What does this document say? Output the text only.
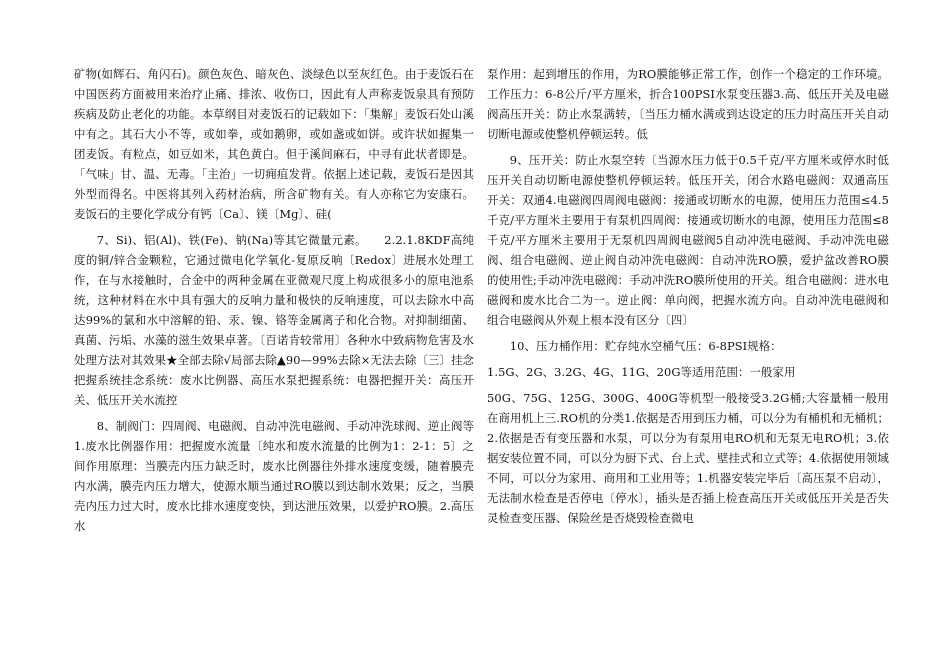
矿物(如辉石、角闪石)。颜色灰色、暗灰色、淡绿色以至灰红色。由于麦饭石在中国医药方面被用来治疗止痛、排浓、收伤口，因此有人声称麦饭泉具有预防疾病及防止老化的功能。本草纲目对麦饭石的记载如下：「集解」麦饭石处山溪中有之。其石大小不等，或如拳，或如鹅卵，或如盏或如饼。或许状如握集一团麦饭。有粒点，如豆如米，其色黄白。但于溪间麻石，中寻有此状者即是。「气味」甘、温、无毒。「主治」一切痈疽发背。依据上述记载，麦饭石是因其外型而得名。中医将其列入药材治病，所含矿物有关。有人亦称它为安康石。麦饭石的主要化学成分有钙〔Ca〕、镁〔Mg〕、硅(

7、Si)、铝(Al)、铁(Fe)、钠(Na)等其它微量元素。　　2.2.1.8KDF高纯度的铜/锌合金颗粒，它通过微电化学氧化-复原反响〔Redox〕进展水处理工作，在与水接触时，合金中的两种金属在亚微观尺度上构成很多小的原电池系统，这种材料在水中具有强大的反响力量和极快的反响速度，可以去除水中高达99%的氯和水中溶解的铅、汞、镍、铬等金属离子和化合物。对抑制细菌、真菌、污垢、水藻的滋生效果卓著。〔百诺肯较常用〕各种水中致病物危害及水处理方法对其效果★全部去除√局部去除▲90—99%去除×无法去除〔三〕挂念把握系统挂念系统：废水比例器、高压水泵把握系统：电器把握开关：高压开关、低压开关水流控

8、制阀门：四周阀、电磁阀、自动冲洗电磁阀、手动冲洗球阀、逆止阀等1.废水比例器作用：把握废水流量〔纯水和废水流量的比例为1：2-1：5〕之间作用原理：当膜壳内压力缺乏时，废水比例器往外排水速度变缓，随着膜壳内水满，膜壳内压力增大，使源水顺当通过RO膜以到达制水效果；反之，当膜壳内压力过大时，废水比排水速度变快，到达泄压效果，以爱护RO膜。2.高压水

泵作用：起到增压的作用，为RO膜能够正常工作，创作一个稳定的工作环境。工作压力：6-8公斤/平方厘米，折合100PSI水泵变压器3.高、低压开关及电磁阀高压开关：防止水泵满转，〔当压力桶水满或到达设定的压力时高压开关自动切断电源或使整机停顿运转。低

9、压开关：防止水泵空转〔当源水压力低于0.5千克/平方厘米或停水时低压开关自动切断电源使整机停顿运转。低压开关，闭合水路电磁阀：双通高压开关：双通4.电磁阀四周阀电磁阀：接通或切断水的电源，使用压力范围≤4.5千克/平方厘米主要用于有泵机四周阀：接通或切断水的电源，使用压力范围≤8千克/平方厘米主要用于无泵机四周阀电磁阀5自动冲洗电磁阀、手动冲洗电磁阀、组合电磁阀、逆止阀自动冲洗电磁阀：自动冲洗RO膜，爱护盆改善RO膜的使用性;手动冲洗电磁阀：手动冲洗RO膜所使用的开关。组合电磁阀：进水电磁阀和废水比合二为一。逆止阀：单向阀，把握水流方向。自动冲洗电磁阀和组合电磁阀从外观上根本没有区分〔四〕

10、压力桶作用：贮存纯水空桶气压：6-8PSI规格：

1.5G、2G、3.2G、4G、11G、20G等适用范围：一般家用

50G、75G、125G、300G、400G等机型一般接受3.2G桶;大容量桶一般用在商用机上三.RO机的分类1.依据是否用到压力桶，可以分为有桶机和无桶机；2.依据是否有变压器和水泵，可以分为有泵用电RO机和无泵无电RO机；3.依据安装位置不同，可以分为厨下式、台上式、壁挂式和立式等；4.依据使用领域不同，可以分为家用、商用和工业用等；1.机器安装完毕后〔高压泵不启动〕，无法制水检查是否停电〔停水〕，插头是否插上检查高压开关或低压开关是否失灵检查变压器、保险丝是否烧毁检查微电
